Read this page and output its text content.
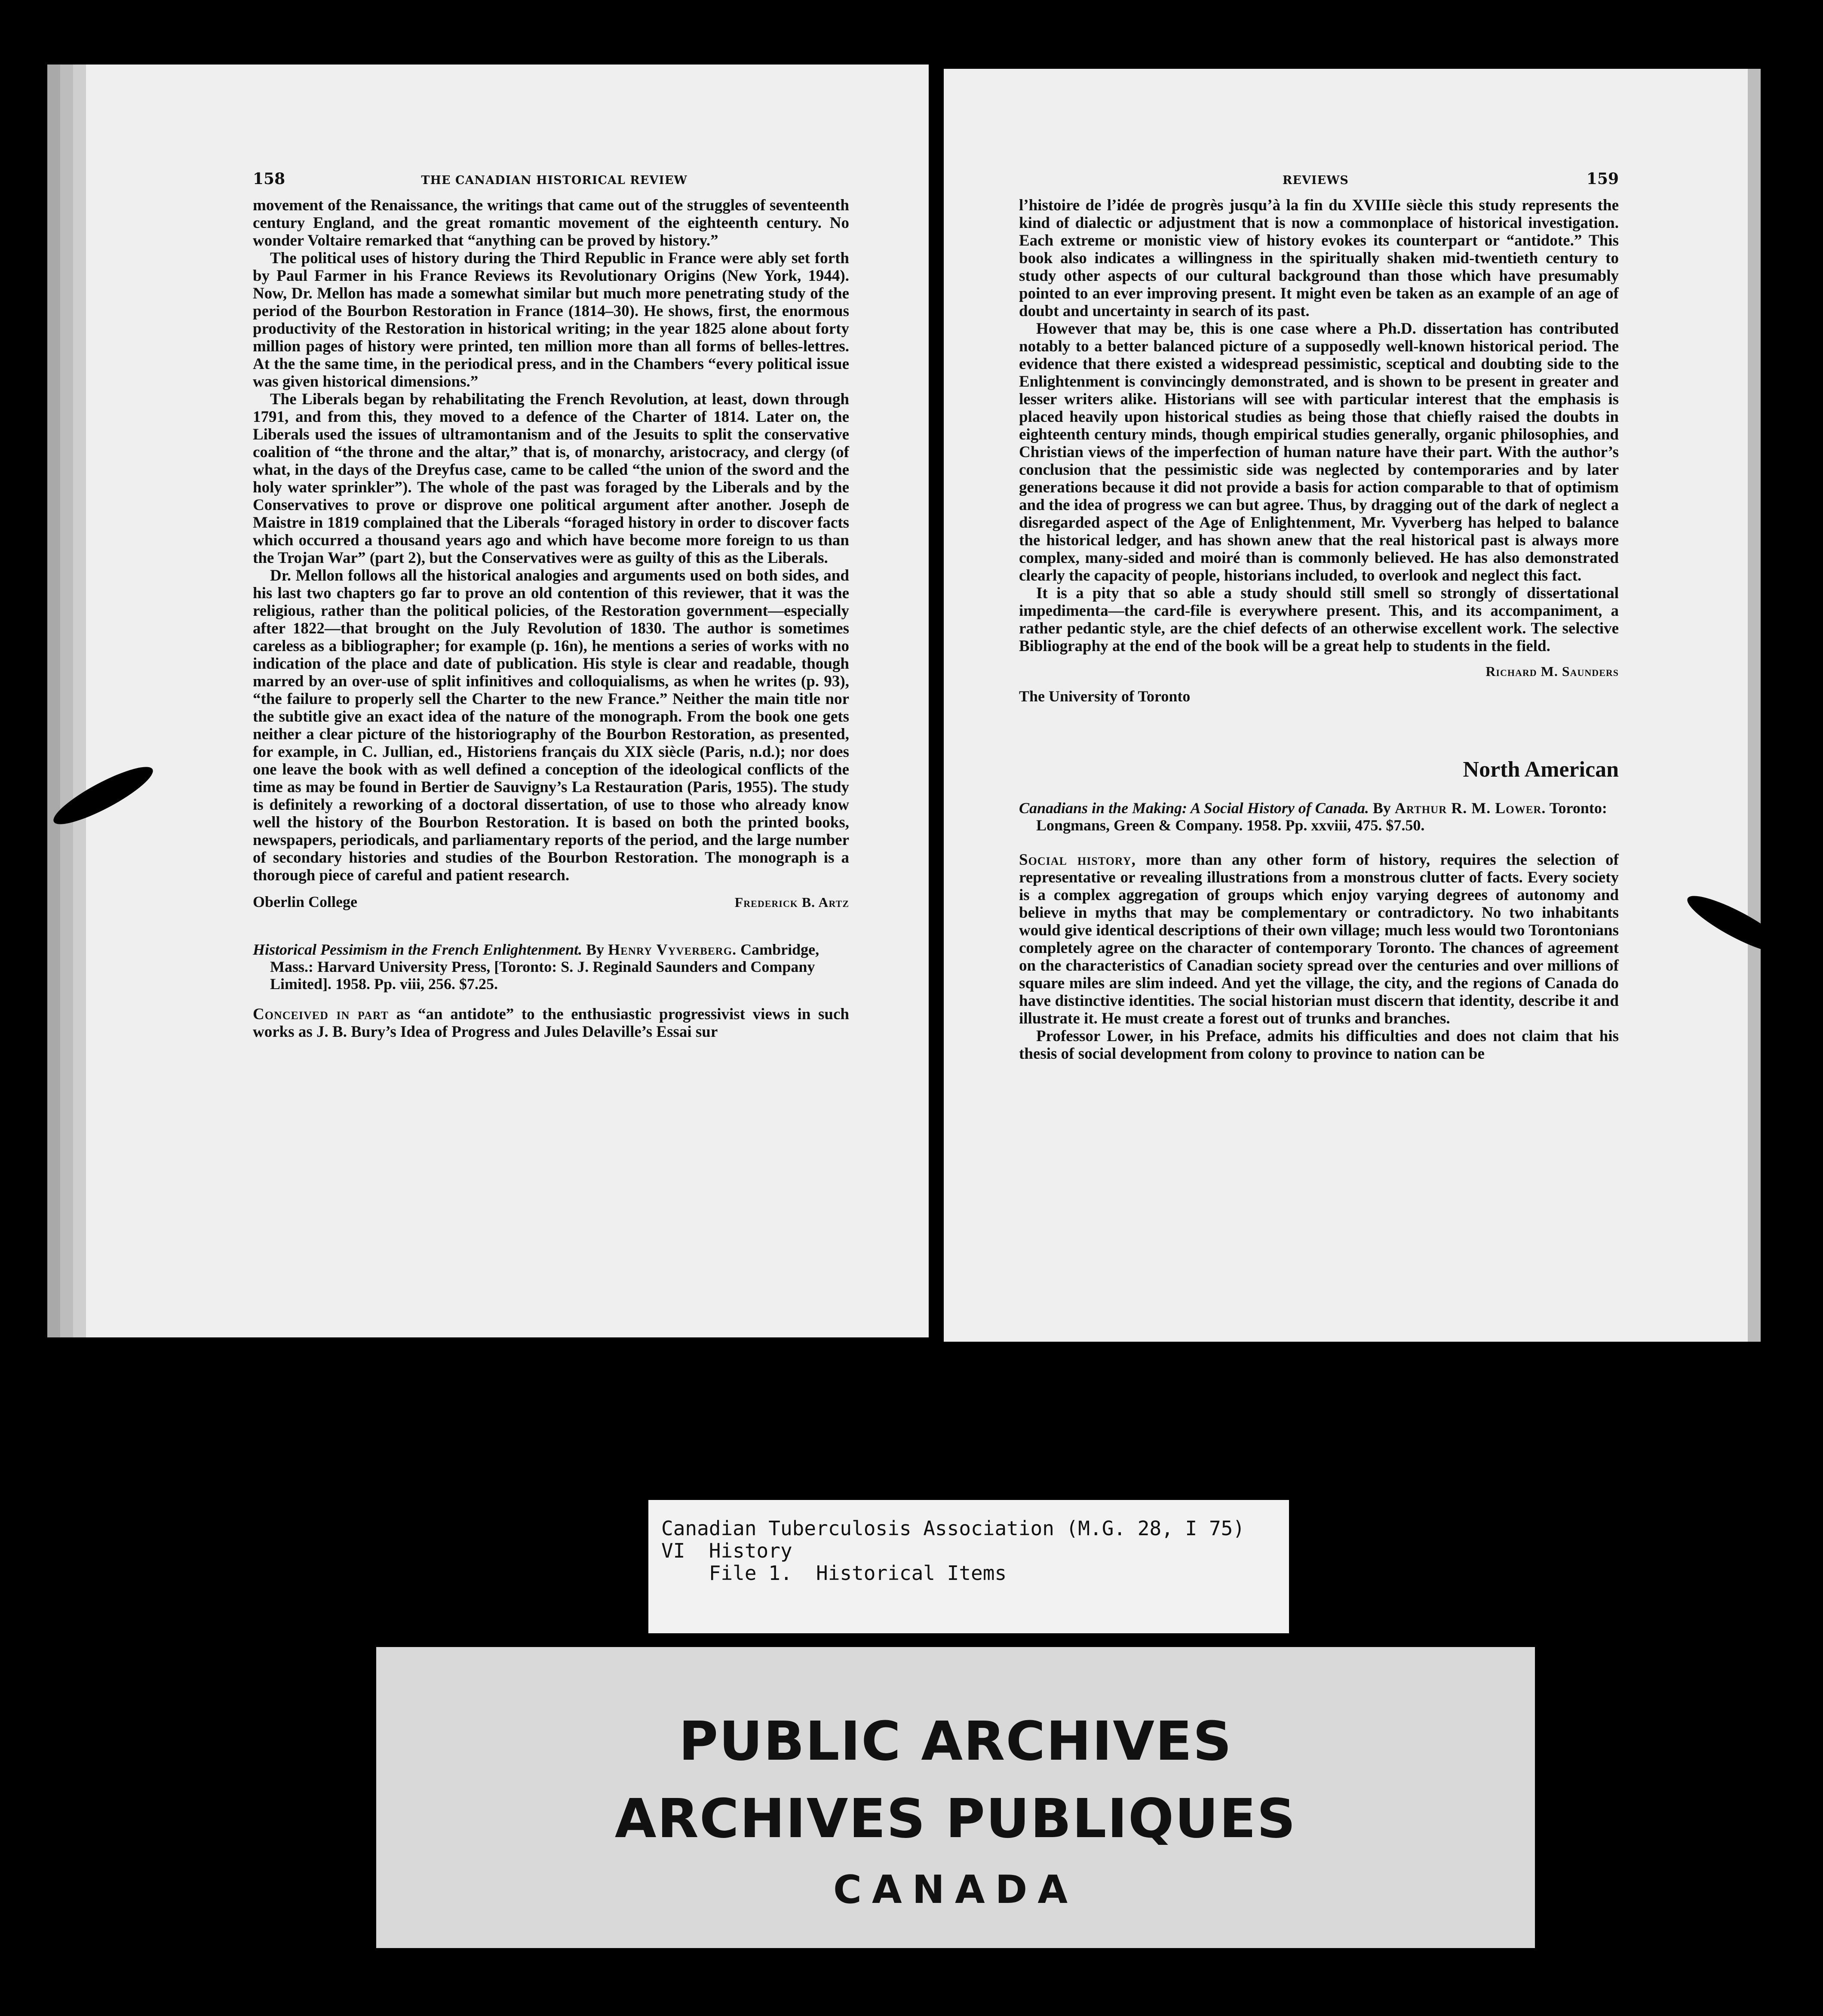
158	THE CANADIAN HISTORICAL REVIEW

movement of the Renaissance, the writings that came out of the struggles of seventeenth century England, and the great romantic movement of the eighteenth century. No wonder Voltaire remarked that “anything can be proved by history.”

The political uses of history during the Third Republic in France were ably set forth by Paul Farmer in his France Reviews its Revolutionary Origins (New York, 1944). Now, Dr. Mellon has made a somewhat similar but much more penetrating study of the period of the Bourbon Restoration in France (1814–30). He shows, first, the enormous productivity of the Restoration in historical writing; in the year 1825 alone about forty million pages of history were printed, ten million more than all forms of belles-lettres. At the the same time, in the periodical press, and in the Chambers “every political issue was given historical dimensions.”

The Liberals began by rehabilitating the French Revolution, at least, down through 1791, and from this, they moved to a defence of the Charter of 1814. Later on, the Liberals used the issues of ultramontanism and of the Jesuits to split the conservative coalition of “the throne and the altar,” that is, of monarchy, aristocracy, and clergy (of what, in the days of the Dreyfus case, came to be called “the union of the sword and the holy water sprinkler”). The whole of the past was foraged by the Liberals and by the Conservatives to prove or disprove one political argument after another. Joseph de Maistre in 1819 complained that the Liberals “foraged history in order to discover facts which occurred a thousand years ago and which have become more foreign to us than the Trojan War” (part 2), but the Conservatives were as guilty of this as the Liberals.

Dr. Mellon follows all the historical analogies and arguments used on both sides, and his last two chapters go far to prove an old contention of this reviewer, that it was the religious, rather than the political policies, of the Restoration government—especially after 1822—that brought on the July Revolution of 1830. The author is sometimes careless as a bibliographer; for example (p. 16n), he mentions a series of works with no indication of the place and date of publication. His style is clear and readable, though marred by an over-use of split infinitives and colloquialisms, as when he writes (p. 93), “the failure to properly sell the Charter to the new France.” Neither the main title nor the subtitle give an exact idea of the nature of the monograph. From the book one gets neither a clear picture of the historiography of the Bourbon Restoration, as presented, for example, in C. Jullian, ed., Historiens français du XIX siècle (Paris, n.d.); nor does one leave the book with as well defined a conception of the ideological conflicts of the time as may be found in Bertier de Sauvigny’s La Restauration (Paris, 1955). The study is definitely a reworking of a doctoral dissertation, of use to those who already know well the history of the Bourbon Restoration. It is based on both the printed books, newspapers, periodicals, and parliamentary reports of the period, and the large number of secondary histories and studies of the Bourbon Restoration. The monograph is a thorough piece of careful and patient research.

Oberlin College	Frederick B. Artz
Historical Pessimism in the French Enlightenment. By Henry Vyverberg. Cambridge, Mass.: Harvard University Press, [Toronto: S. J. Reginald Saunders and Company Limited]. 1958. Pp. viii, 256. $7.25.

Conceived in part as “an antidote” to the enthusiastic progressivist views in such works as J. B. Bury’s Idea of Progress and Jules Delaville’s Essai sur

REVIEWS	159

l’histoire de l’idée de progrès jusqu’à la fin du XVIIIe siècle this study represents the kind of dialectic or adjustment that is now a commonplace of historical investigation. Each extreme or monistic view of history evokes its counterpart or “antidote.” This book also indicates a willingness in the spiritually shaken mid-twentieth century to study other aspects of our cultural background than those which have presumably pointed to an ever improving present. It might even be taken as an example of an age of doubt and uncertainty in search of its past.

However that may be, this is one case where a Ph.D. dissertation has contributed notably to a better balanced picture of a supposedly well-known historical period. The evidence that there existed a widespread pessimistic, sceptical and doubting side to the Enlightenment is convincingly demonstrated, and is shown to be present in greater and lesser writers alike. Historians will see with particular interest that the emphasis is placed heavily upon historical studies as being those that chiefly raised the doubts in eighteenth century minds, though empirical studies generally, organic philosophies, and Christian views of the imperfection of human nature have their part. With the author’s conclusion that the pessimistic side was neglected by contemporaries and by later generations because it did not provide a basis for action comparable to that of optimism and the idea of progress we can but agree. Thus, by dragging out of the dark of neglect a disregarded aspect of the Age of Enlightenment, Mr. Vyverberg has helped to balance the historical ledger, and has shown anew that the real historical past is always more complex, many-sided and moiré than is commonly believed. He has also demonstrated clearly the capacity of people, historians included, to overlook and neglect this fact.

It is a pity that so able a study should still smell so strongly of dissertational impedimenta—the card-file is everywhere present. This, and its accompaniment, a rather pedantic style, are the chief defects of an otherwise excellent work. The selective Bibliography at the end of the book will be a great help to students in the field.

Richard M. Saunders
The University of Toronto
North American
Canadians in the Making: A Social History of Canada. By Arthur R. M. Lower. Toronto: Longmans, Green & Company. 1958. Pp. xxviii, 475. $7.50.

Social history, more than any other form of history, requires the selection of representative or revealing illustrations from a monstrous clutter of facts. Every society is a complex aggregation of groups which enjoy varying degrees of autonomy and believe in myths that may be complementary or contradictory. No two inhabitants would give identical descriptions of their own village; much less would two Torontonians completely agree on the character of contemporary Toronto. The chances of agreement on the characteristics of Canadian society spread over the centuries and over millions of square miles are slim indeed. And yet the village, the city, and the regions of Canada do have distinctive identities. The social historian must discern that identity, describe it and illustrate it. He must create a forest out of trunks and branches.

Professor Lower, in his Preface, admits his difficulties and does not claim that his thesis of social development from colony to province to nation can be

Canadian Tuberculosis Association (M.G. 28, I 75)
VI  History
File 1.  Historical Items
PUBLIC ARCHIVES
ARCHIVES PUBLIQUES
CANADA
